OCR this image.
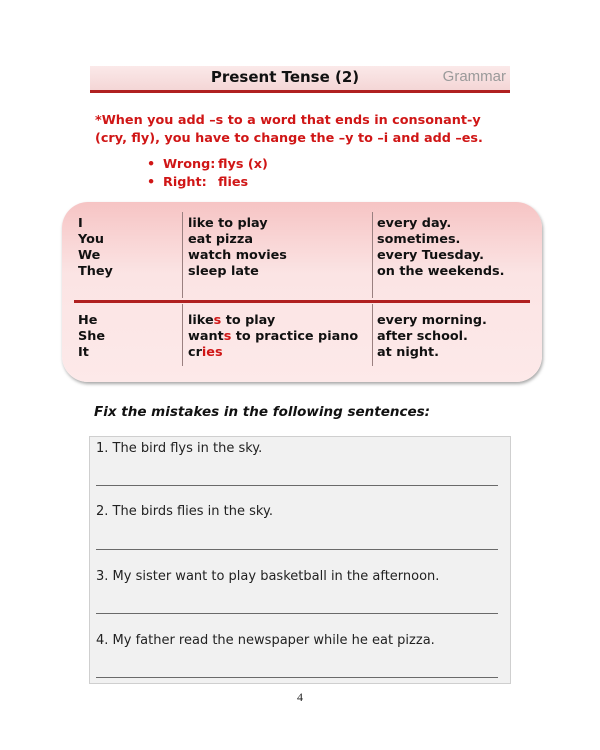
Present Tense (2)	Grammar
*When you add –s to a word that ends in consonant-y
(cry, fly), you have to change the –y to –i and add –es.
• Wrong: flys (x)
• Right: flies
I
You
We
They
like to play
eat pizza
watch movies
sleep late
every day.
sometimes.
every Tuesday.
on the weekends.
He
She
It
likes to play
wants to practice piano
cries
every morning.
after school.
at night.
Fix the mistakes in the following sentences:
1. The bird flys in the sky.
2. The birds flies in the sky.
3. My sister want to play basketball in the afternoon.
4. My father read the newspaper while he eat pizza.
4
